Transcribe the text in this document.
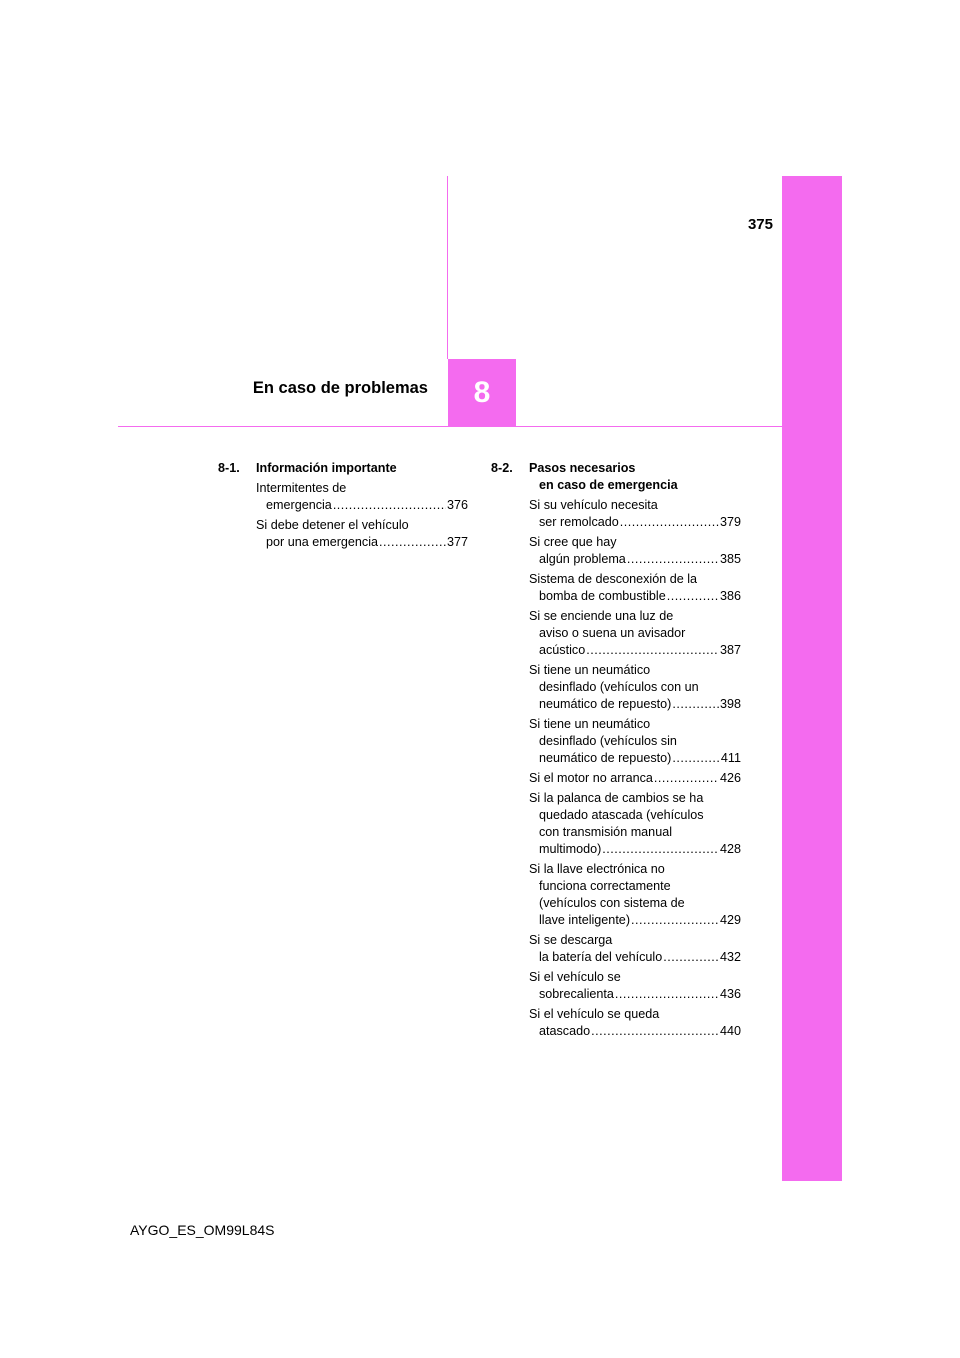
375
8
En caso de problemas
8-1.	Información importante
Intermitentes de
emergencia .....	376
Si debe detener el vehículo
por una emergencia .....	377
8-2.	Pasos necesarios
en caso de emergencia
Si su vehículo necesita
ser remolcado .....	379
Si cree que hay
algún problema .....	385
Sistema de desconexión de la
bomba de combustible .....	386
Si se enciende una luz de
aviso o suena un avisador
acústico .....	387
Si tiene un neumático
desinflado (vehículos con un
neumático de repuesto) .....	398
Si tiene un neumático
desinflado (vehículos sin
neumático de repuesto) .....	411
Si el motor no arranca .....	426
Si la palanca de cambios se ha
quedado atascada (vehículos
con transmisión manual
multimodo) .....	428
Si la llave electrónica no
funciona correctamente
(vehículos con sistema de
llave inteligente) .....	429
Si se descarga
la batería del vehículo .....	432
Si el vehículo se
sobrecalienta .....	436
Si el vehículo se queda
atascado .....	440
AYGO_ES_OM99L84S
